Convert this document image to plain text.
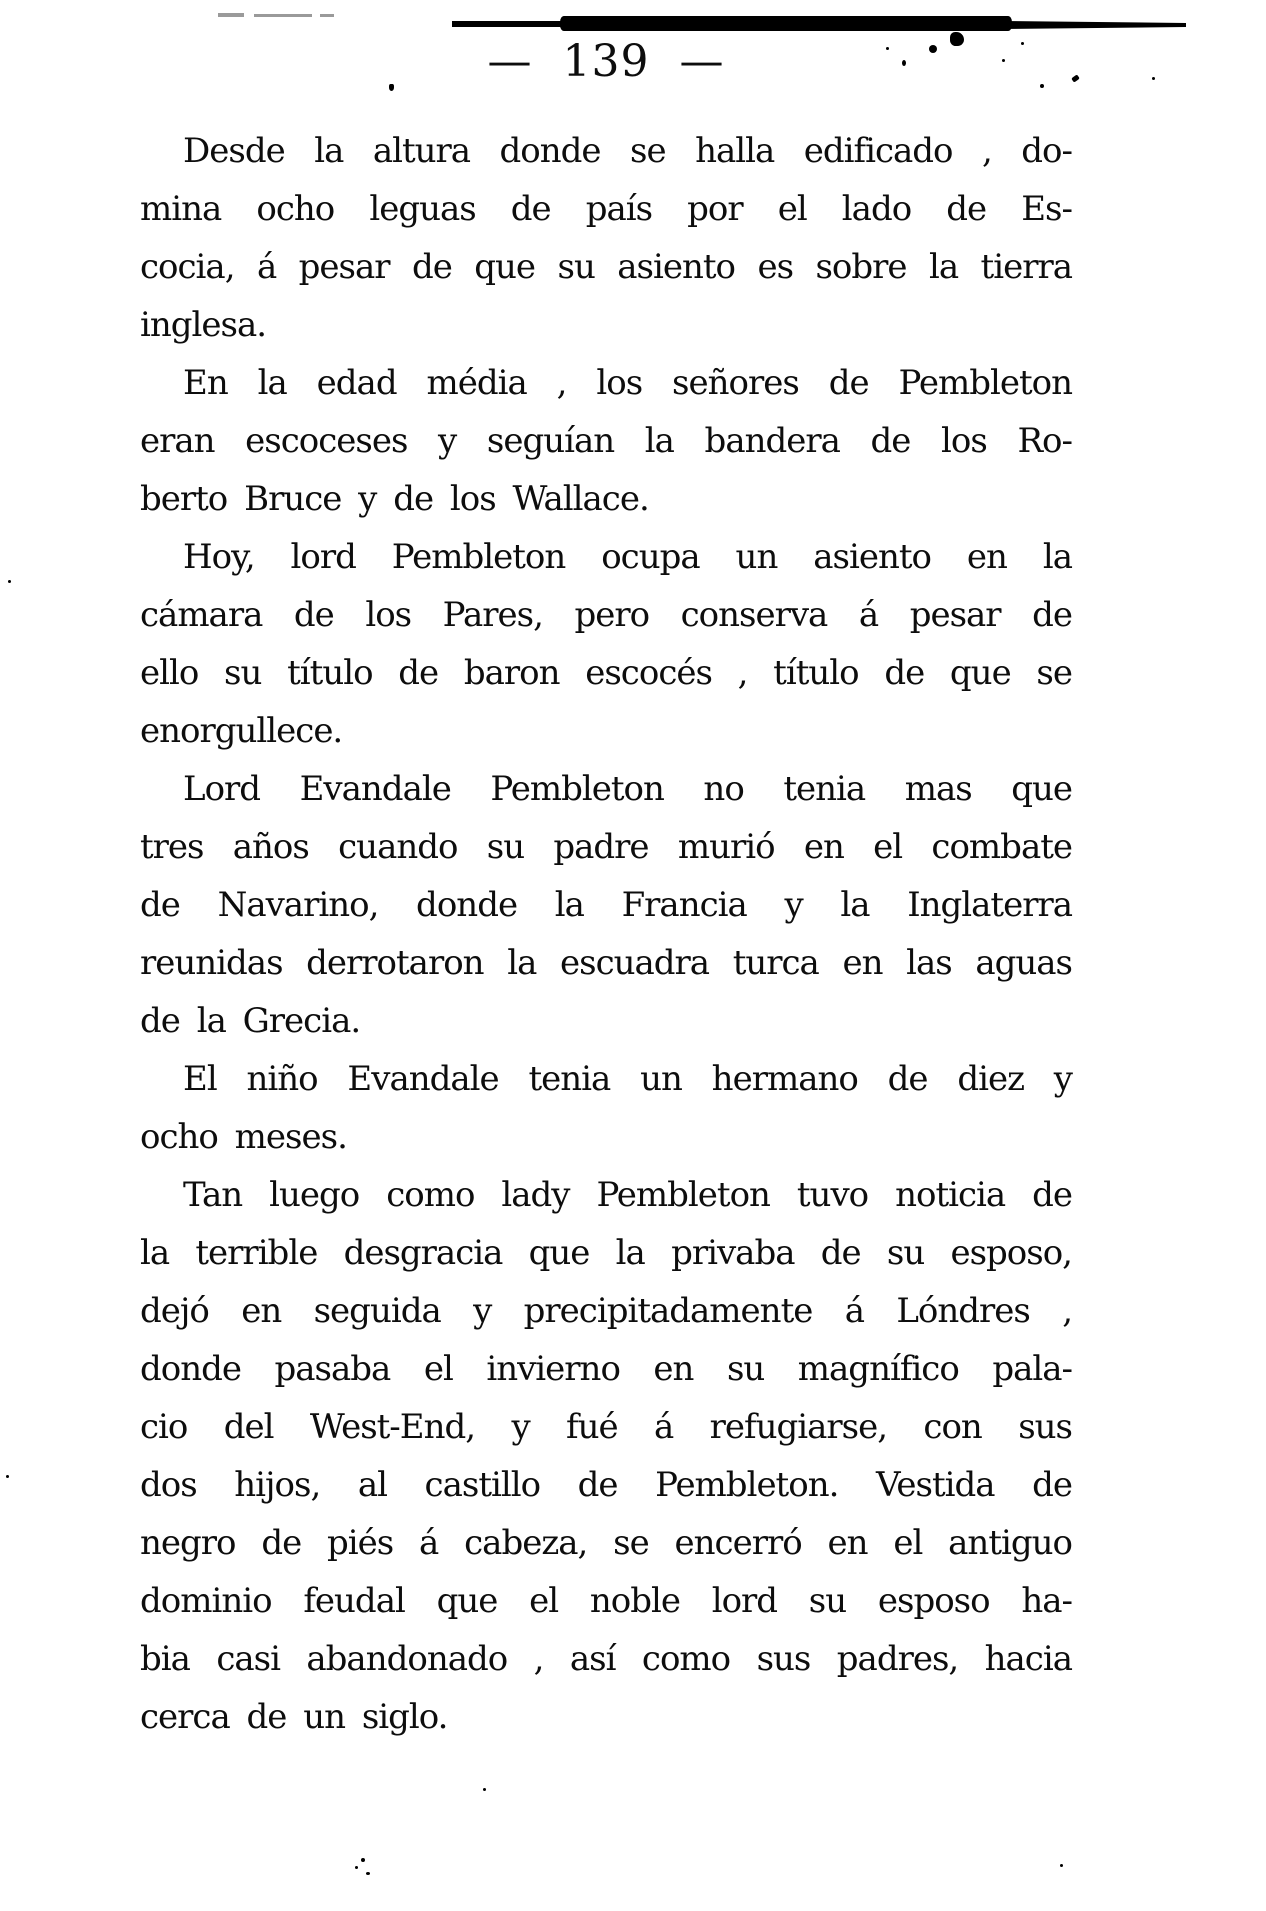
— 139 —
Desde la altura donde se halla edificado , do-
mina ocho leguas de país por el lado de Es-
cocia, á pesar de que su asiento es sobre la tierra
inglesa.
En la edad média , los señores de Pembleton
eran escoceses y seguían la bandera de los Ro-
berto Bruce y de los Wallace.
Hoy, lord Pembleton ocupa un asiento en la
cámara de los Pares, pero conserva á pesar de
ello su título de baron escocés , título de que se
enorgullece.
Lord Evandale Pembleton no tenia mas que
tres años cuando su padre murió en el combate
de Navarino, donde la Francia y la Inglaterra
reunidas derrotaron la escuadra turca en las aguas
de la Grecia.
El niño Evandale tenia un hermano de diez y
ocho meses.
Tan luego como lady Pembleton tuvo noticia de
la terrible desgracia que la privaba de su esposo,
dejó en seguida y precipitadamente á Lóndres ,
donde pasaba el invierno en su magnífico pala-
cio del West-End, y fué á refugiarse, con sus
dos hijos, al castillo de Pembleton. Vestida de
negro de piés á cabeza, se encerró en el antiguo
dominio feudal que el noble lord su esposo ha-
bia casi abandonado , así como sus padres, hacia
cerca de un siglo.
